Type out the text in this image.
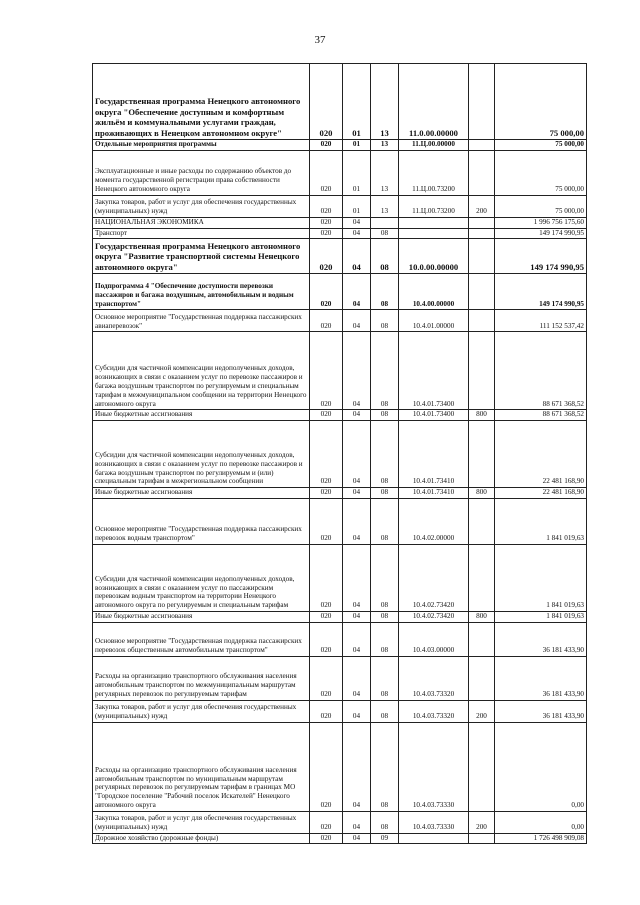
37
Государственная программа Ненецкого автономного округа "Обеспечение доступным и комфортным жильём и коммунальными услугами граждан, проживающих в Ненецком автономном округе"	020	01	13	11.0.00.00000		75 000,00
Отдельные мероприятия программы	020	01	13	11.Ц.00.00000		75 000,00
Эксплуатационные и иные расходы по содержанию объектов до момента государственной регистрации права собственности Ненецкого автономного округа	020	01	13	11.Ц.00.73200		75 000,00
Закупка товаров, работ и услуг для обеспечения государственных (муниципальных) нужд	020	01	13	11.Ц.00.73200	200	75 000,00
НАЦИОНАЛЬНАЯ ЭКОНОМИКА	020	04				1 996 756 175,60
Транспорт	020	04	08			149 174 990,95
Государственная программа Ненецкого автономного округа "Развитие транспортной системы Ненецкого автономного округа"	020	04	08	10.0.00.00000		149 174 990,95
Подпрограмма 4 "Обеспечение доступности перевозки пассажиров и багажа воздушным, автомобильным и водным транспортом"	020	04	08	10.4.00.00000		149 174 990,95
Основное мероприятие "Государственная поддержка пассажирских авиаперевозок"	020	04	08	10.4.01.00000		111 152 537,42
Субсидии для частичной компенсации недополученных доходов, возникающих в связи с оказанием услуг по перевозке пассажиров и багажа воздушным транспортом по регулируемым и специальным тарифам в межмуниципальном сообщении на территории Ненецкого автономного округа	020	04	08	10.4.01.73400		88 671 368,52
Иные бюджетные ассигнования	020	04	08	10.4.01.73400	800	88 671 368,52
Субсидии для частичной компенсации недополученных доходов, возникающих в связи с оказанием услуг по перевозке пассажиров и багажа воздушным транспортом по регулируемым и (или) специальным тарифам в межрегиональном сообщении	020	04	08	10.4.01.73410		22 481 168,90
Иные бюджетные ассигнования	020	04	08	10.4.01.73410	800	22 481 168,90
Основное мероприятие "Государственная поддержка пассажирских перевозок водным транспортом"	020	04	08	10.4.02.00000		1 841 019,63
Субсидии для частичной компенсации недополученных доходов, возникающих в связи с оказанием услуг по пассажирским перевозкам водным транспортом на территории Ненецкого автономного округа по регулируемым и специальным тарифам	020	04	08	10.4.02.73420		1 841 019,63
Иные бюджетные ассигнования	020	04	08	10.4.02.73420	800	1 841 019,63
Основное мероприятие "Государственная поддержка пассажирских перевозок общественным автомобильным транспортом"	020	04	08	10.4.03.00000		36 181 433,90
Расходы на организацию транспортного обслуживания населения автомобильным транспортом по межмуниципальным маршрутам регулярных перевозок по регулируемым тарифам	020	04	08	10.4.03.73320		36 181 433,90
Закупка товаров, работ и услуг для обеспечения государственных (муниципальных) нужд	020	04	08	10.4.03.73320	200	36 181 433,90
Расходы на организацию транспортного обслуживания населения автомобильным транспортом по муниципальным маршрутам регулярных перевозок по регулируемым тарифам в границах МО "Городское поселение "Рабочий поселок Искателей" Ненецкого автономного округа	020	04	08	10.4.03.73330		0,00
Закупка товаров, работ и услуг для обеспечения государственных (муниципальных) нужд	020	04	08	10.4.03.73330	200	0,00
Дорожное хозяйство (дорожные фонды)	020	04	09			1 726 498 909,08
